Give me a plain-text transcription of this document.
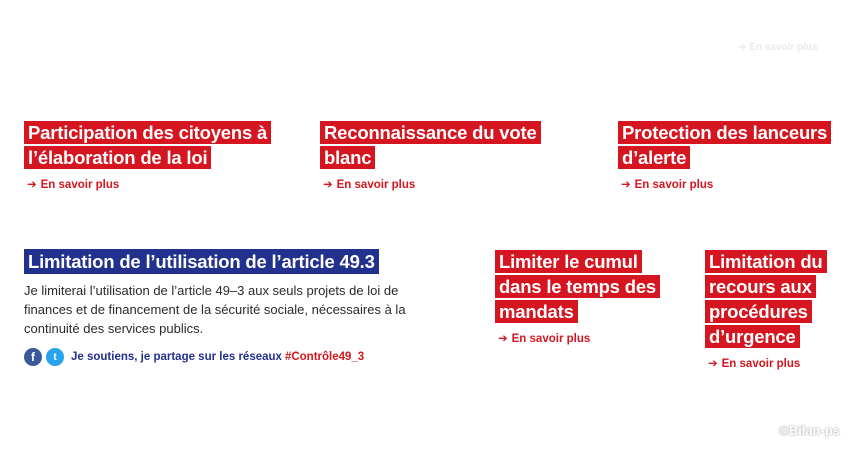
➔ En savoir plus
Participation des citoyens à l’élaboration de la loi
➔ En savoir plus
Reconnaissance du vote blanc
➔ En savoir plus
Protection des lanceurs d’alerte
➔ En savoir plus
Limitation de l’utilisation de l’article 49.3

Je limiterai l’utilisation de l’article 49–3 aux seuls projets de loi de finances et de financement de la sécurité sociale, nécessaires à la continuité des services publics.

f	t	Je soutiens, je partage sur les réseaux #Contrôle49_3
Limiter le cumul dans le temps des mandats
➔ En savoir plus
Limitation du recours aux procédures d’urgence
➔ En savoir plus
©Bilan-ps
